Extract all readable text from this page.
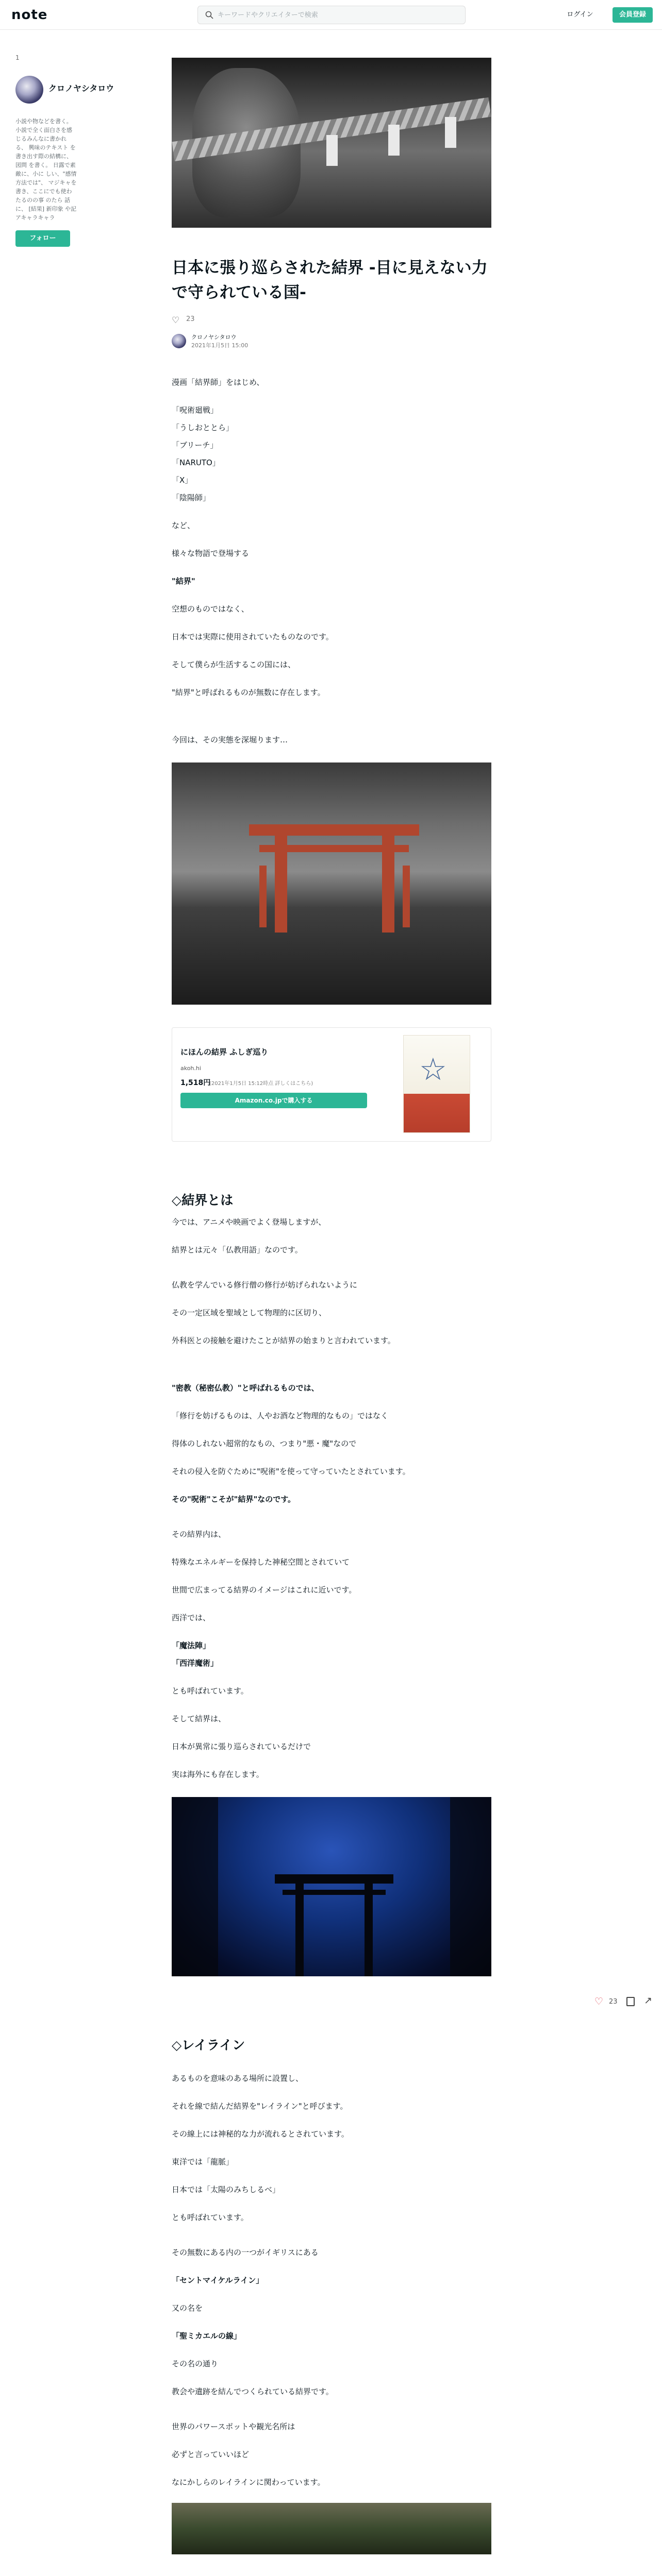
note
キーワードやクリエイターで検索	ログイン	会員登録
1
クロノヤシタロウ
小説や物などを書く。 小説で全く面白さを感じるみんなに書かれる、 興味のテキスト を書き出す際の結構に、図問 を書く。 日露で素敵に、小に しい、"感情方法では"、 マジキャを書き、ここにでも使わたるのの事 のたら 話に、 [結果] 新印象 や記 アキャラキャラ
フォロー
日本に張り巡らされた結界 -目に見えない力で守られている国-
♡ 23
クロノヤシタロウ
2021年1月5日 15:00
漫画「結界師」をはじめ、
「呪術廻戦」
「うしおととら」
「ブリーチ」
「NARUTO」
「X」
「陰陽師」
など、
様々な物語で登場する
"結界"
空想のものではなく、
日本では実際に使用されていたものなのです。
そして僕らが生活するこの国には、
"結界"と呼ばれるものが無数に存在します。
今回は、その実態を深堀ります…
にほんの結界 ふしぎ巡り
akoh.hi
1,518円
(2021年1月5日 15:12時点 詳しくはこちら)
Amazon.co.jpで購入する
☆
◇結界とは
今では、アニメや映画でよく登場しますが、
結界とは元々「仏教用語」なのです。
仏教を学んでいる修行僧の修行が妨げられないように
その一定区域を聖域として物理的に区切り、
外科医との接触を避けたことが結界の始まりと言われています。
"密教（秘密仏教）"と呼ばれるものでは、
「修行を妨げるものは、人やお酒など物理的なもの」ではなく
得体のしれない超常的なもの、つまり"悪・魔"なので
それの侵入を防ぐために"呪術"を使って守っていたとされています。
その"呪術"こそが"結界"なのです。
その結界内は、
特殊なエネルギーを保持した神秘空間とされていて
世間で広まってる結界のイメージはこれに近いです。
西洋では、
「魔法陣」
「西洋魔術」
とも呼ばれています。
そして結界は、
日本が異常に張り巡らされているだけで
実は海外にも存在します。
◇レイライン
あるものを意味のある場所に設置し、
それを線で結んだ結界を"レイライン"と呼びます。
その線上には神秘的な力が流れるとされています。
東洋では「龍脈」
日本では「太陽のみちしるべ」
とも呼ばれています。
その無数にある内の一つがイギリスにある
「セントマイケルライン」
又の名を
「聖ミカエルの線」
その名の通り
教会や遺跡を結んでつくられている結界です。
世界のパワースポットや観光名所は
必ずと言っていいほど
なにかしらのレイラインに関わっています。
♡ 23	↗
